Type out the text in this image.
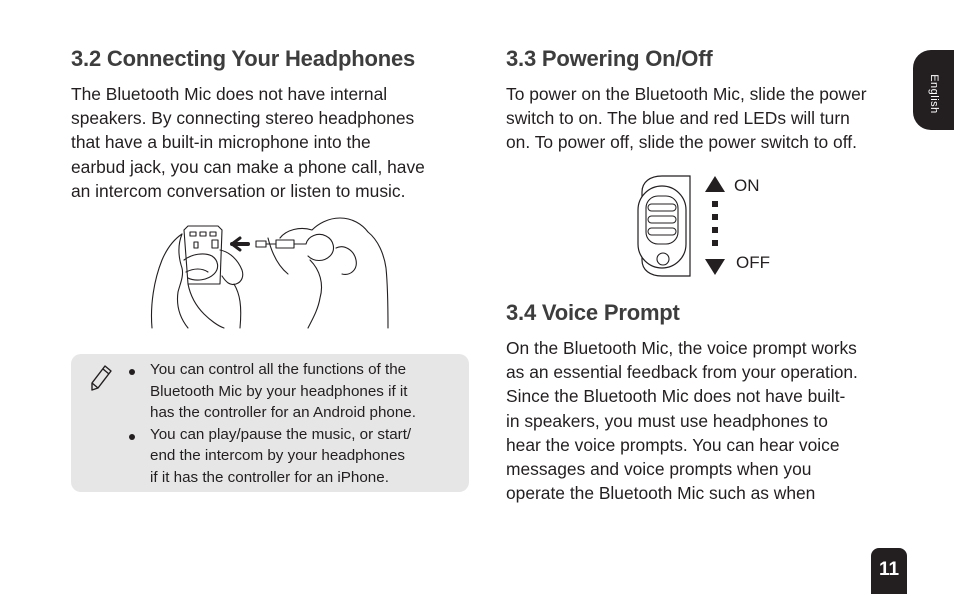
3.2 Connecting Your Headphones
The Bluetooth Mic does not have internal
speakers. By connecting stereo headphones
that have a built-in microphone into the
earbud jack, you can make a phone call, have
an intercom conversation or listen to music.
You can control all the functions of the
Bluetooth Mic by your headphones if it
has the controller for an Android phone.
You can play/pause the music, or start/
end the intercom by your headphones
if it has the controller for an iPhone.
3.3 Powering On/Off
To power on the Bluetooth Mic, slide the power
switch to on. The blue and red LEDs will turn
on. To power off, slide the power switch to off.
ON
OFF
3.4 Voice Prompt
On the Bluetooth Mic, the voice prompt works
as an essential feedback from your operation.
Since the Bluetooth Mic does not have built-
in speakers, you must use headphones to
hear the voice prompts. You can hear voice
messages and voice prompts when you
operate the Bluetooth Mic such as when
English
11
